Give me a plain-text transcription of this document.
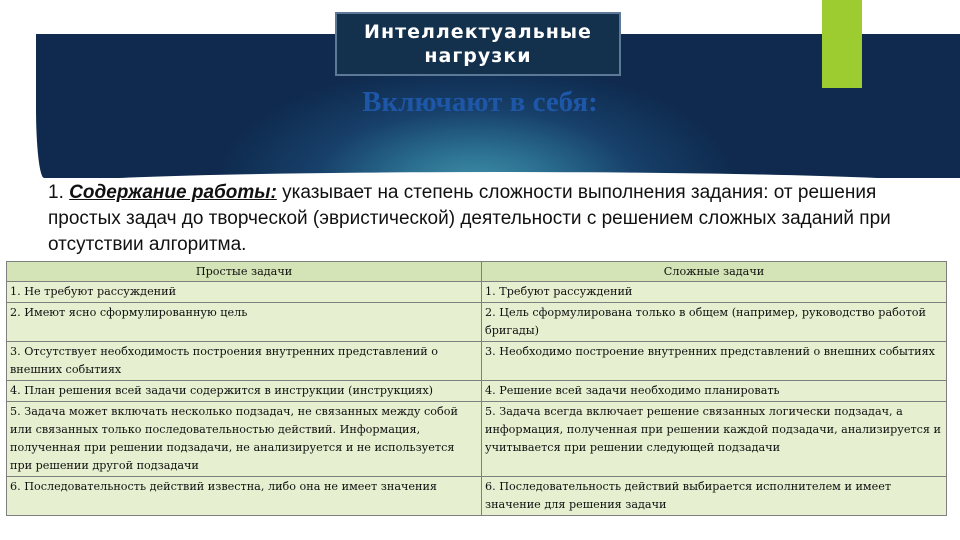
Интеллектуальные
нагрузки
Включают в себя:
1. Содержание работы: указывает на степень сложности выполнения задания: от решения простых задач до творческой (эвристической) деятельности с решением сложных заданий при отсутствии алгоритма.
Простые задачи	Сложные задачи
1. Не требуют рассуждений	1. Требуют рассуждений
2. Имеют ясно сформулированную цель	2. Цель сформулирована только в общем (например, руководство работой бригады)
3. Отсутствует необходимость построения внутренних представлений о внешних событиях	3. Необходимо построение внутренних представлений о внешних событиях
4. План решения всей задачи содержится в инструкции (инструкциях)	4. Решение всей задачи необходимо планировать
5. Задача может включать несколько подзадач, не связанных между собой или связанных только последовательностью действий. Информация, полученная при решении подзадачи, не анализируется и не используется при решении другой подзадачи	5. Задача всегда включает решение связанных логически подзадач, а информация, полученная при решении каждой подзадачи, анализируется и учитывается при решении следующей подзадачи
6. Последовательность действий известна, либо она не имеет значения	6. Последовательность действий выбирается исполнителем и имеет значение для решения задачи
